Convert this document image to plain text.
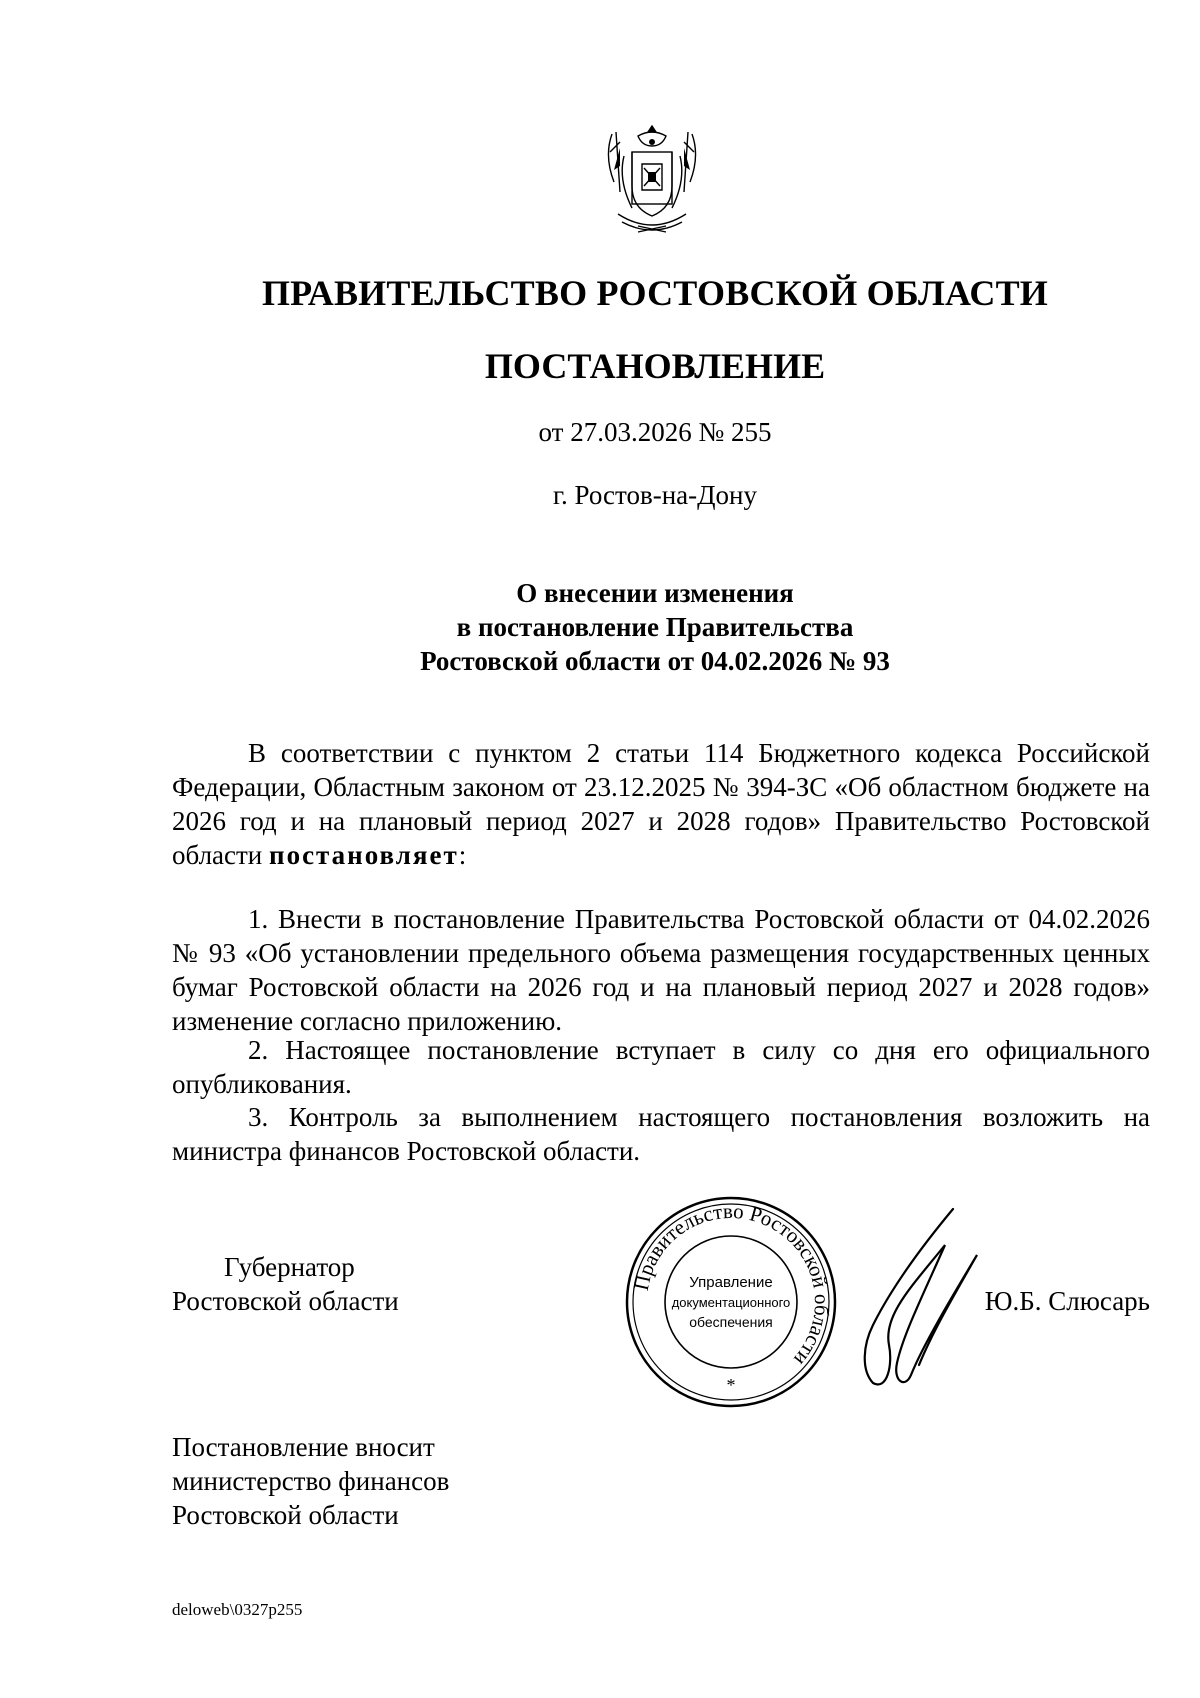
ПРАВИТЕЛЬСТВО РОСТОВСКОЙ ОБЛАСТИ
ПОСТАНОВЛЕНИЕ
от 27.03.2026 № 255
г. Ростов-на-Дону
О внесении изменения
в постановление Правительства
Ростовской области от 04.02.2026 № 93
В соответствии с пунктом 2 статьи 114 Бюджетного кодекса Российской Федерации, Областным законом от 23.12.2025 № 394-ЗС «Об областном бюджете на 2026 год и на плановый период 2027 и 2028 годов» Правительство Ростовской области постановляет:
1. Внести в постановление Правительства Ростовской области от 04.02.2026 № 93 «Об установлении предельного объема размещения государственных ценных бумаг Ростовской области на 2026 год и на плановый период 2027 и 2028 годов» изменение согласно приложению.
2. Настоящее постановление вступает в силу со дня его официального опубликования.
3. Контроль за выполнением настоящего постановления возложить на министра финансов Ростовской области.
Губернатор
Ростовской области
Правительство Ростовской области
Управление
документационного
обеспечения
*
Ю.Б. Слюсарь
Постановление вносит
министерство финансов
Ростовской области
deloweb\0327p255
